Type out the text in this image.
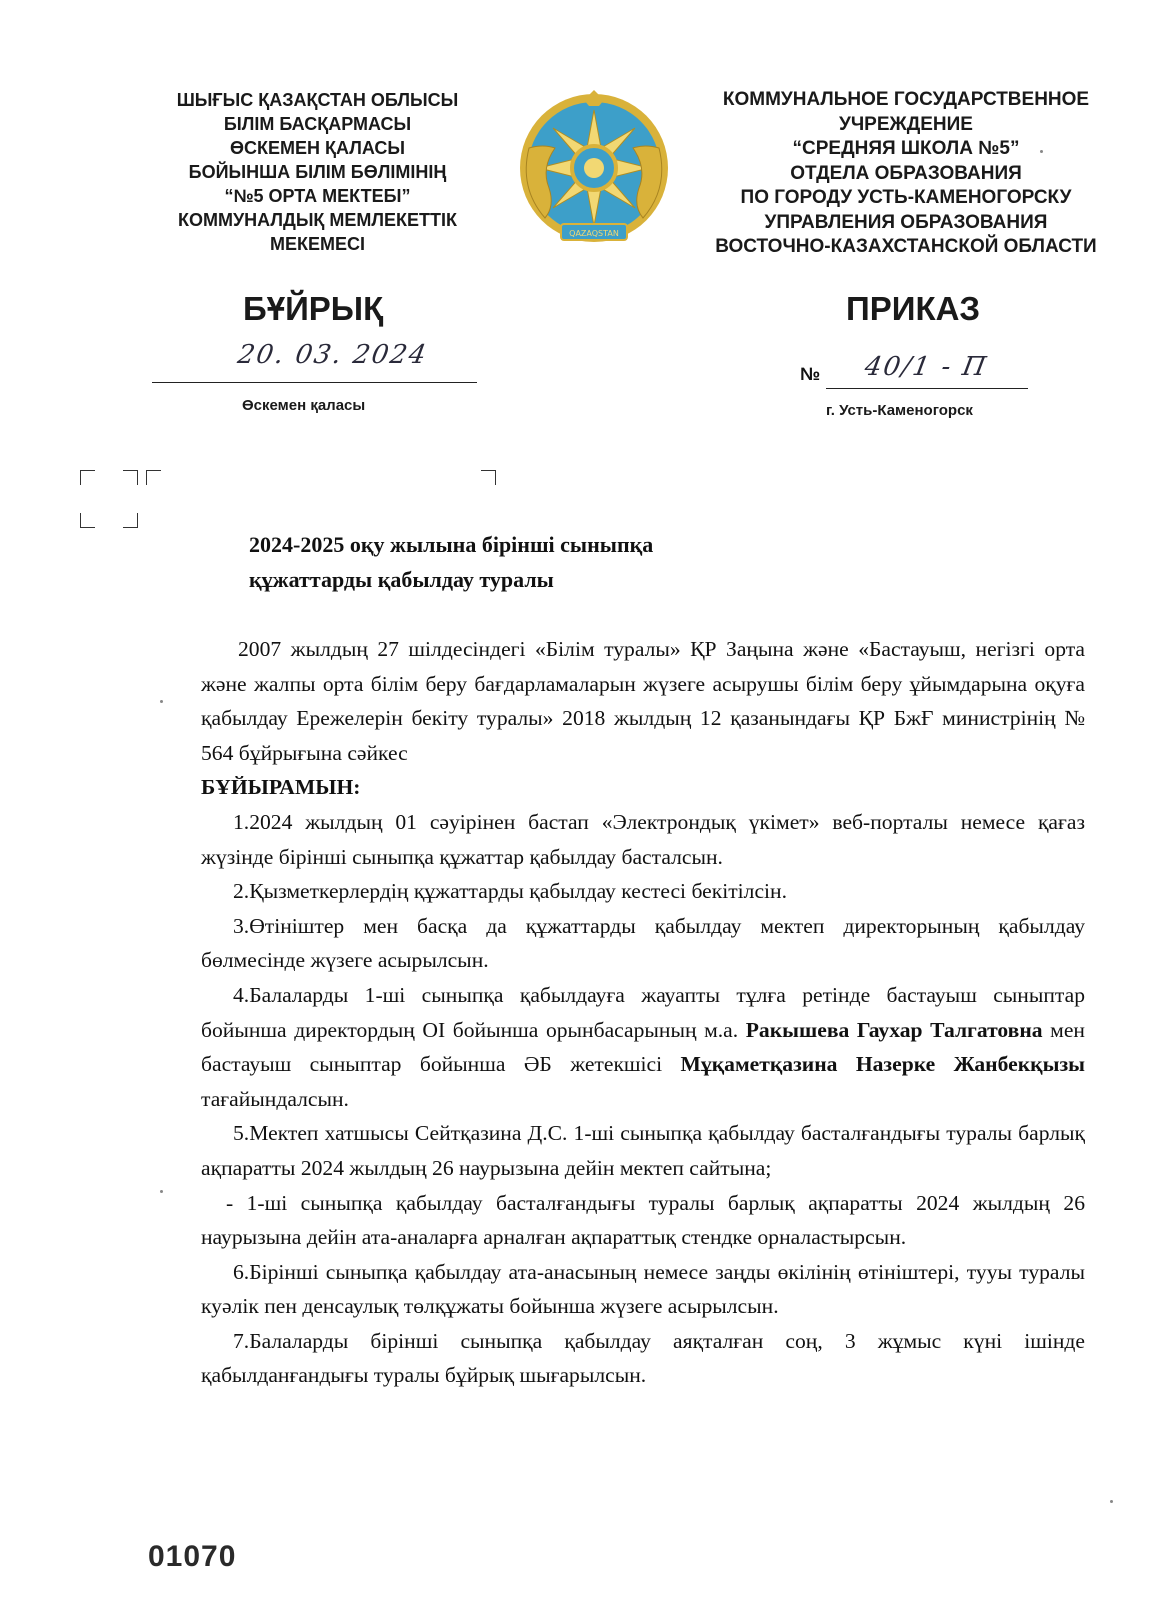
ШЫҒЫС ҚАЗАҚСТАН ОБЛЫСЫ
БІЛІМ БАСҚАРМАСЫ
ӨСКЕМЕН ҚАЛАСЫ
БОЙЫНША БІЛІМ БӨЛІМІНІҢ
“№5 ОРТА МЕКТЕБІ”
КОММУНАЛДЫҚ МЕМЛЕКЕТТІК
МЕКЕМЕСІ
QAZAQSTAN
КОММУНАЛЬНОЕ ГОСУДАРСТВЕННОЕ
УЧРЕЖДЕНИЕ
“СРЕДНЯЯ ШКОЛА №5”
ОТДЕЛА ОБРАЗОВАНИЯ
ПО ГОРОДУ УСТЬ-КАМЕНОГОРСКУ
УПРАВЛЕНИЯ ОБРАЗОВАНИЯ
ВОСТОЧНО-КАЗАХСТАНСКОЙ ОБЛАСТИ
БҰЙРЫҚ	ПРИКАЗ
20. 03. 2024
Өскемен қаласы
№ 40/1 - П
г. Усть-Каменогорск
2024-2025 оқу жылына бірінші сыныпқа
құжаттарды қабылдау туралы

2007 жылдың 27 шілдесіндегі «Білім туралы» ҚР Заңына және «Бастауыш, негізгі орта және жалпы орта білім беру бағдарламаларын жүзеге асырушы білім беру ұйымдарына оқуға қабылдау Ережелерін бекіту туралы» 2018 жылдың 12 қазанындағы ҚР БжҒ министрінің № 564 бұйрығына сәйкес

БҰЙЫРАМЫН:

1.2024 жылдың 01 сәуірінен бастап «Электрондық үкімет» веб-порталы немесе қағаз жүзінде бірінші сыныпқа құжаттар қабылдау басталсын.

2.Қызметкерлердің құжаттарды қабылдау кестесі бекітілсін.

3.Өтініштер мен басқа да құжаттарды қабылдау мектеп директорының қабылдау бөлмесінде жүзеге асырылсын.

4.Балаларды 1-ші сыныпқа қабылдауға жауапты тұлға ретінде бастауыш сыныптар бойынша директордың ОІ бойынша орынбасарының м.а. Ракышева Гаухар Талгатовна мен бастауыш сыныптар бойынша ӘБ жетекшісі Мұқаметқазина Назерке Жанбекқызы тағайындалсын.

5.Мектеп хатшысы Сейтқазина Д.С. 1-ші сыныпқа қабылдау басталғандығы туралы барлық ақпаратты 2024 жылдың 26 наурызына дейін мектеп сайтына;

- 1-ші сыныпқа қабылдау басталғандығы туралы барлық ақпаратты 2024 жылдың 26 наурызына дейін ата-аналарға арналған ақпараттық стендке орналастырсын.

6.Бірінші сыныпқа қабылдау ата-анасының немесе заңды өкілінің өтініштері, тууы туралы куәлік пен денсаулық төлқұжаты бойынша жүзеге асырылсын.

7.Балаларды бірінші сыныпқа қабылдау аяқталған соң, 3 жұмыс күні ішінде қабылданғандығы туралы бұйрық шығарылсын.

01070
